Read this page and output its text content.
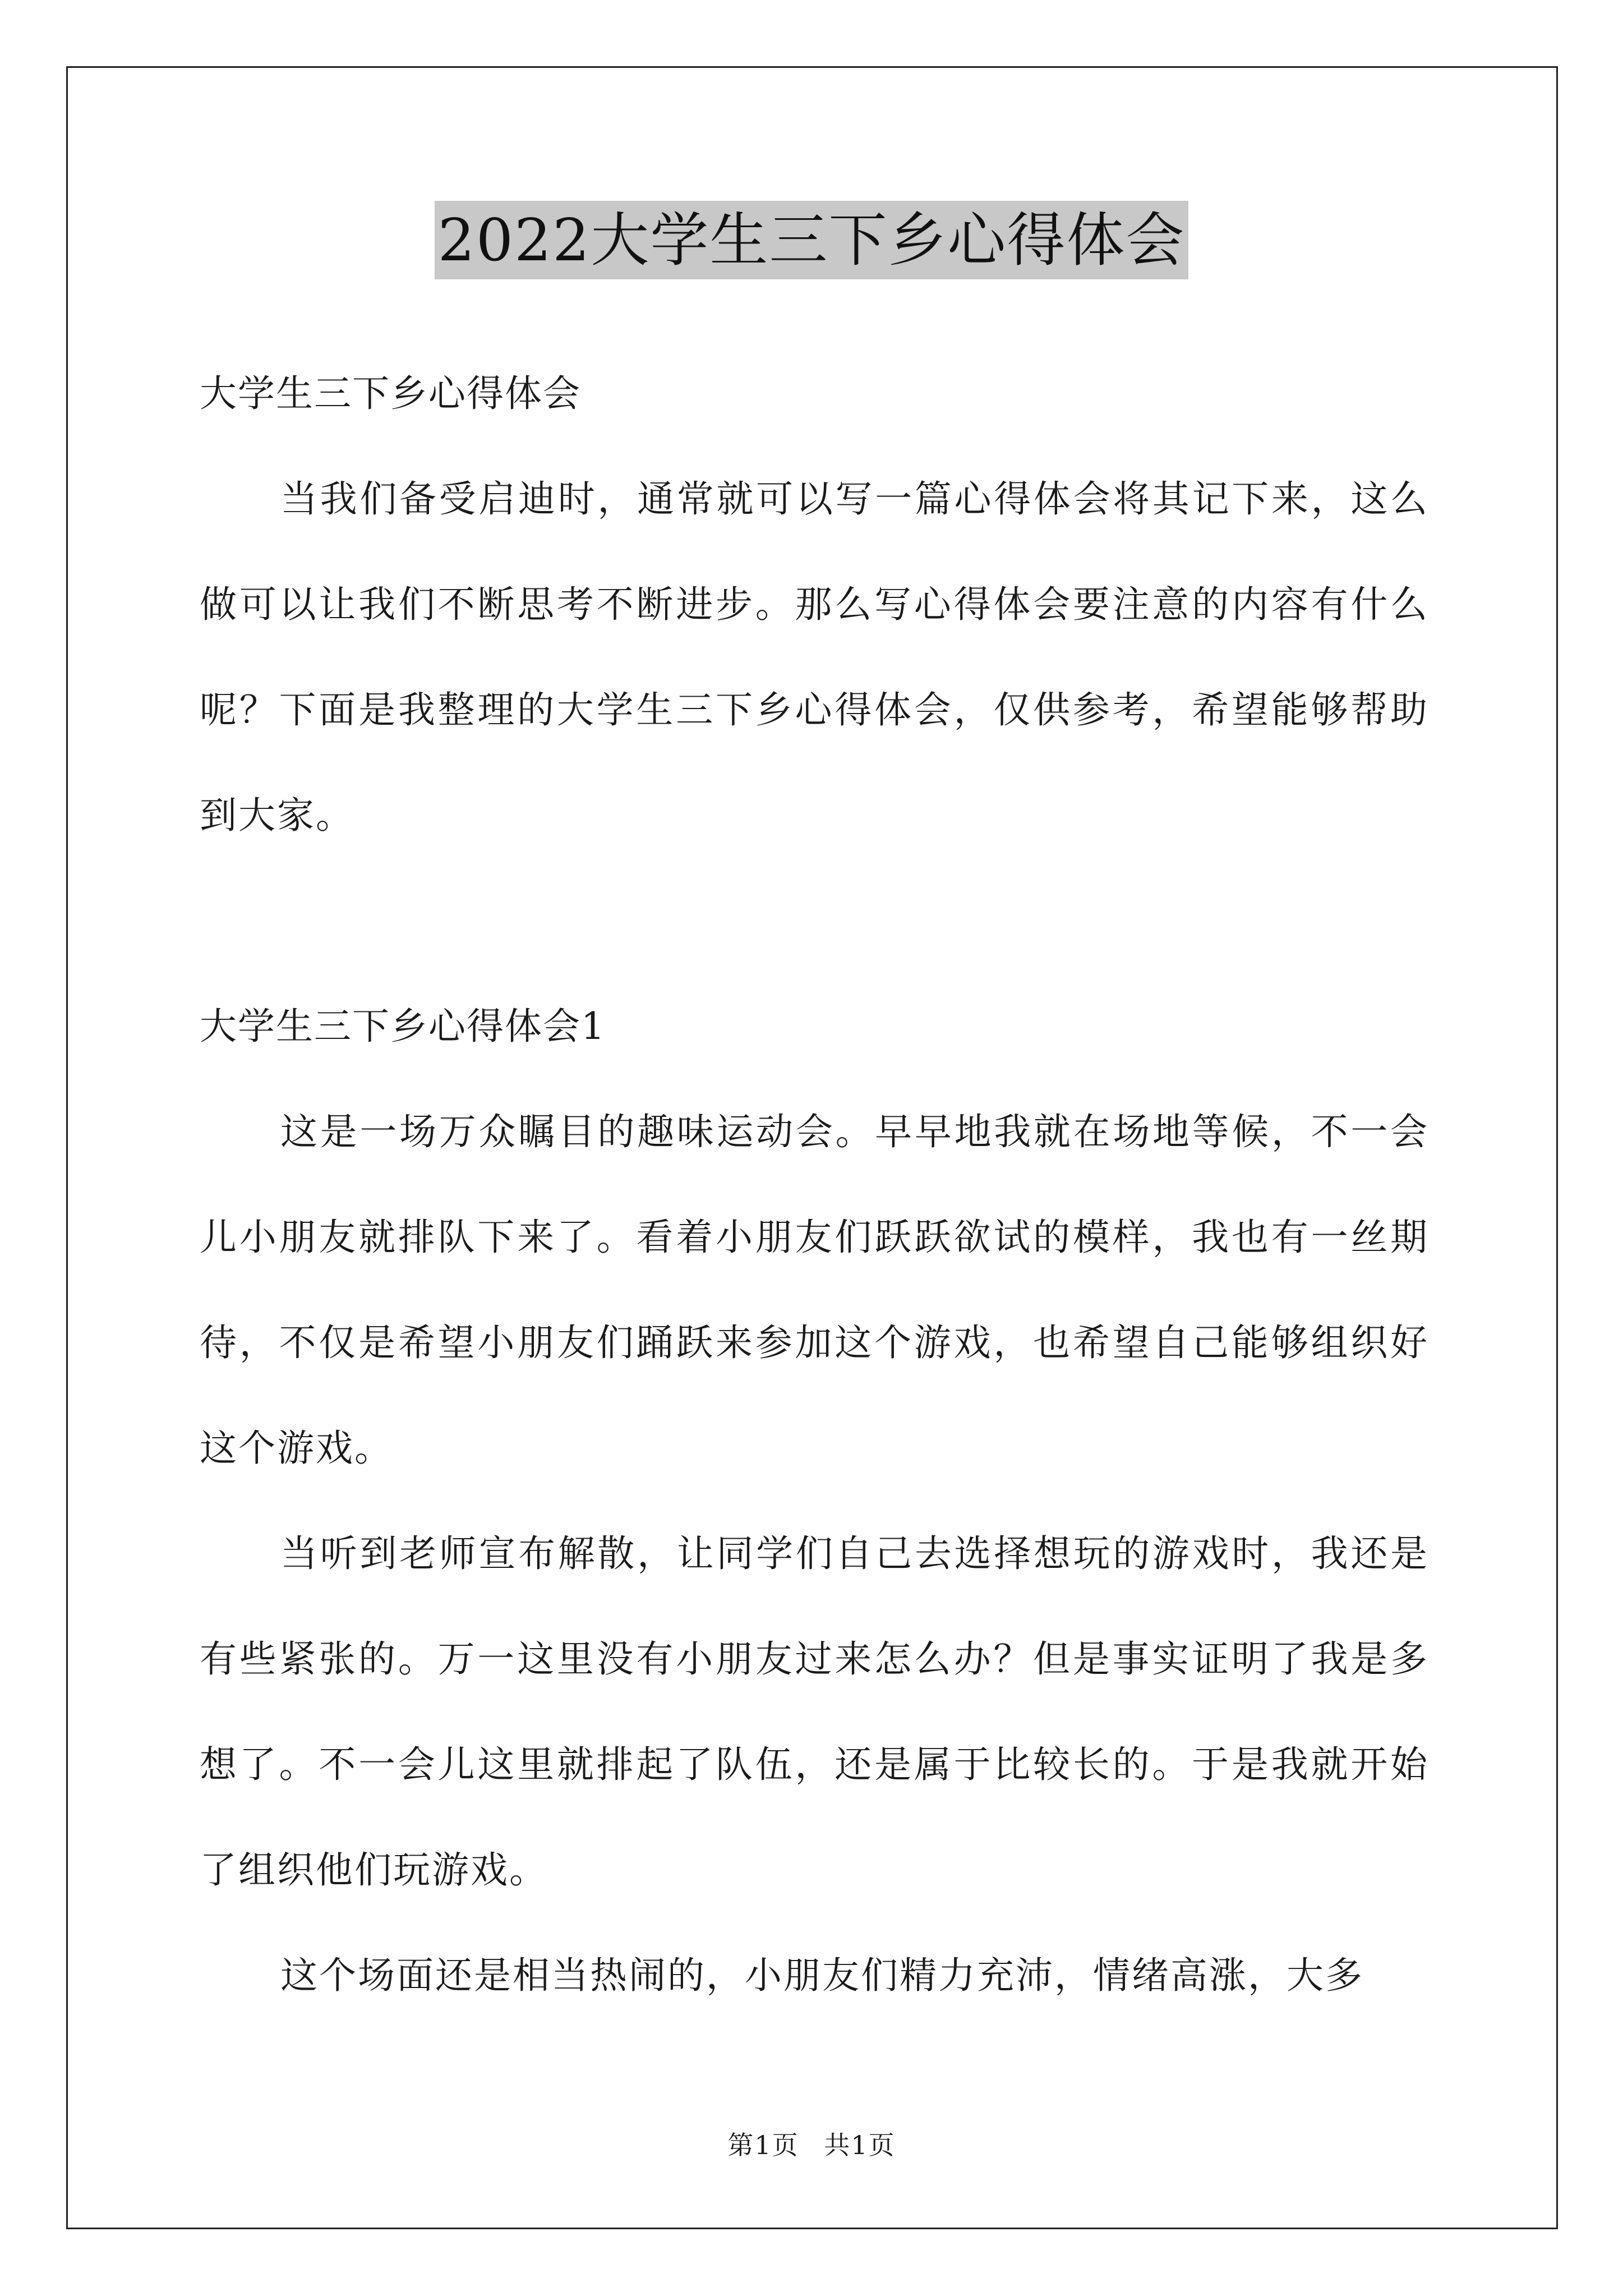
2022大学生三下乡心得体会

大学生三下乡心得体会

当我们备受启迪时，通常就可以写一篇心得体会将其记下来，这么做可以让我们不断思考不断进步。那么写心得体会要注意的内容有什么呢？下面是我整理的大学生三下乡心得体会，仅供参考，希望能够帮助到大家。

大学生三下乡心得体会1

这是一场万众瞩目的趣味运动会。早早地我就在场地等候，不一会儿小朋友就排队下来了。看着小朋友们跃跃欲试的模样，我也有一丝期待，不仅是希望小朋友们踊跃来参加这个游戏，也希望自己能够组织好这个游戏。

当听到老师宣布解散，让同学们自己去选择想玩的游戏时，我还是有些紧张的。万一这里没有小朋友过来怎么办？但是事实证明了我是多想了。不一会儿这里就排起了队伍，还是属于比较长的。于是我就开始了组织他们玩游戏。

这个场面还是相当热闹的，小朋友们精力充沛，情绪高涨，大多

第1页 共1页
